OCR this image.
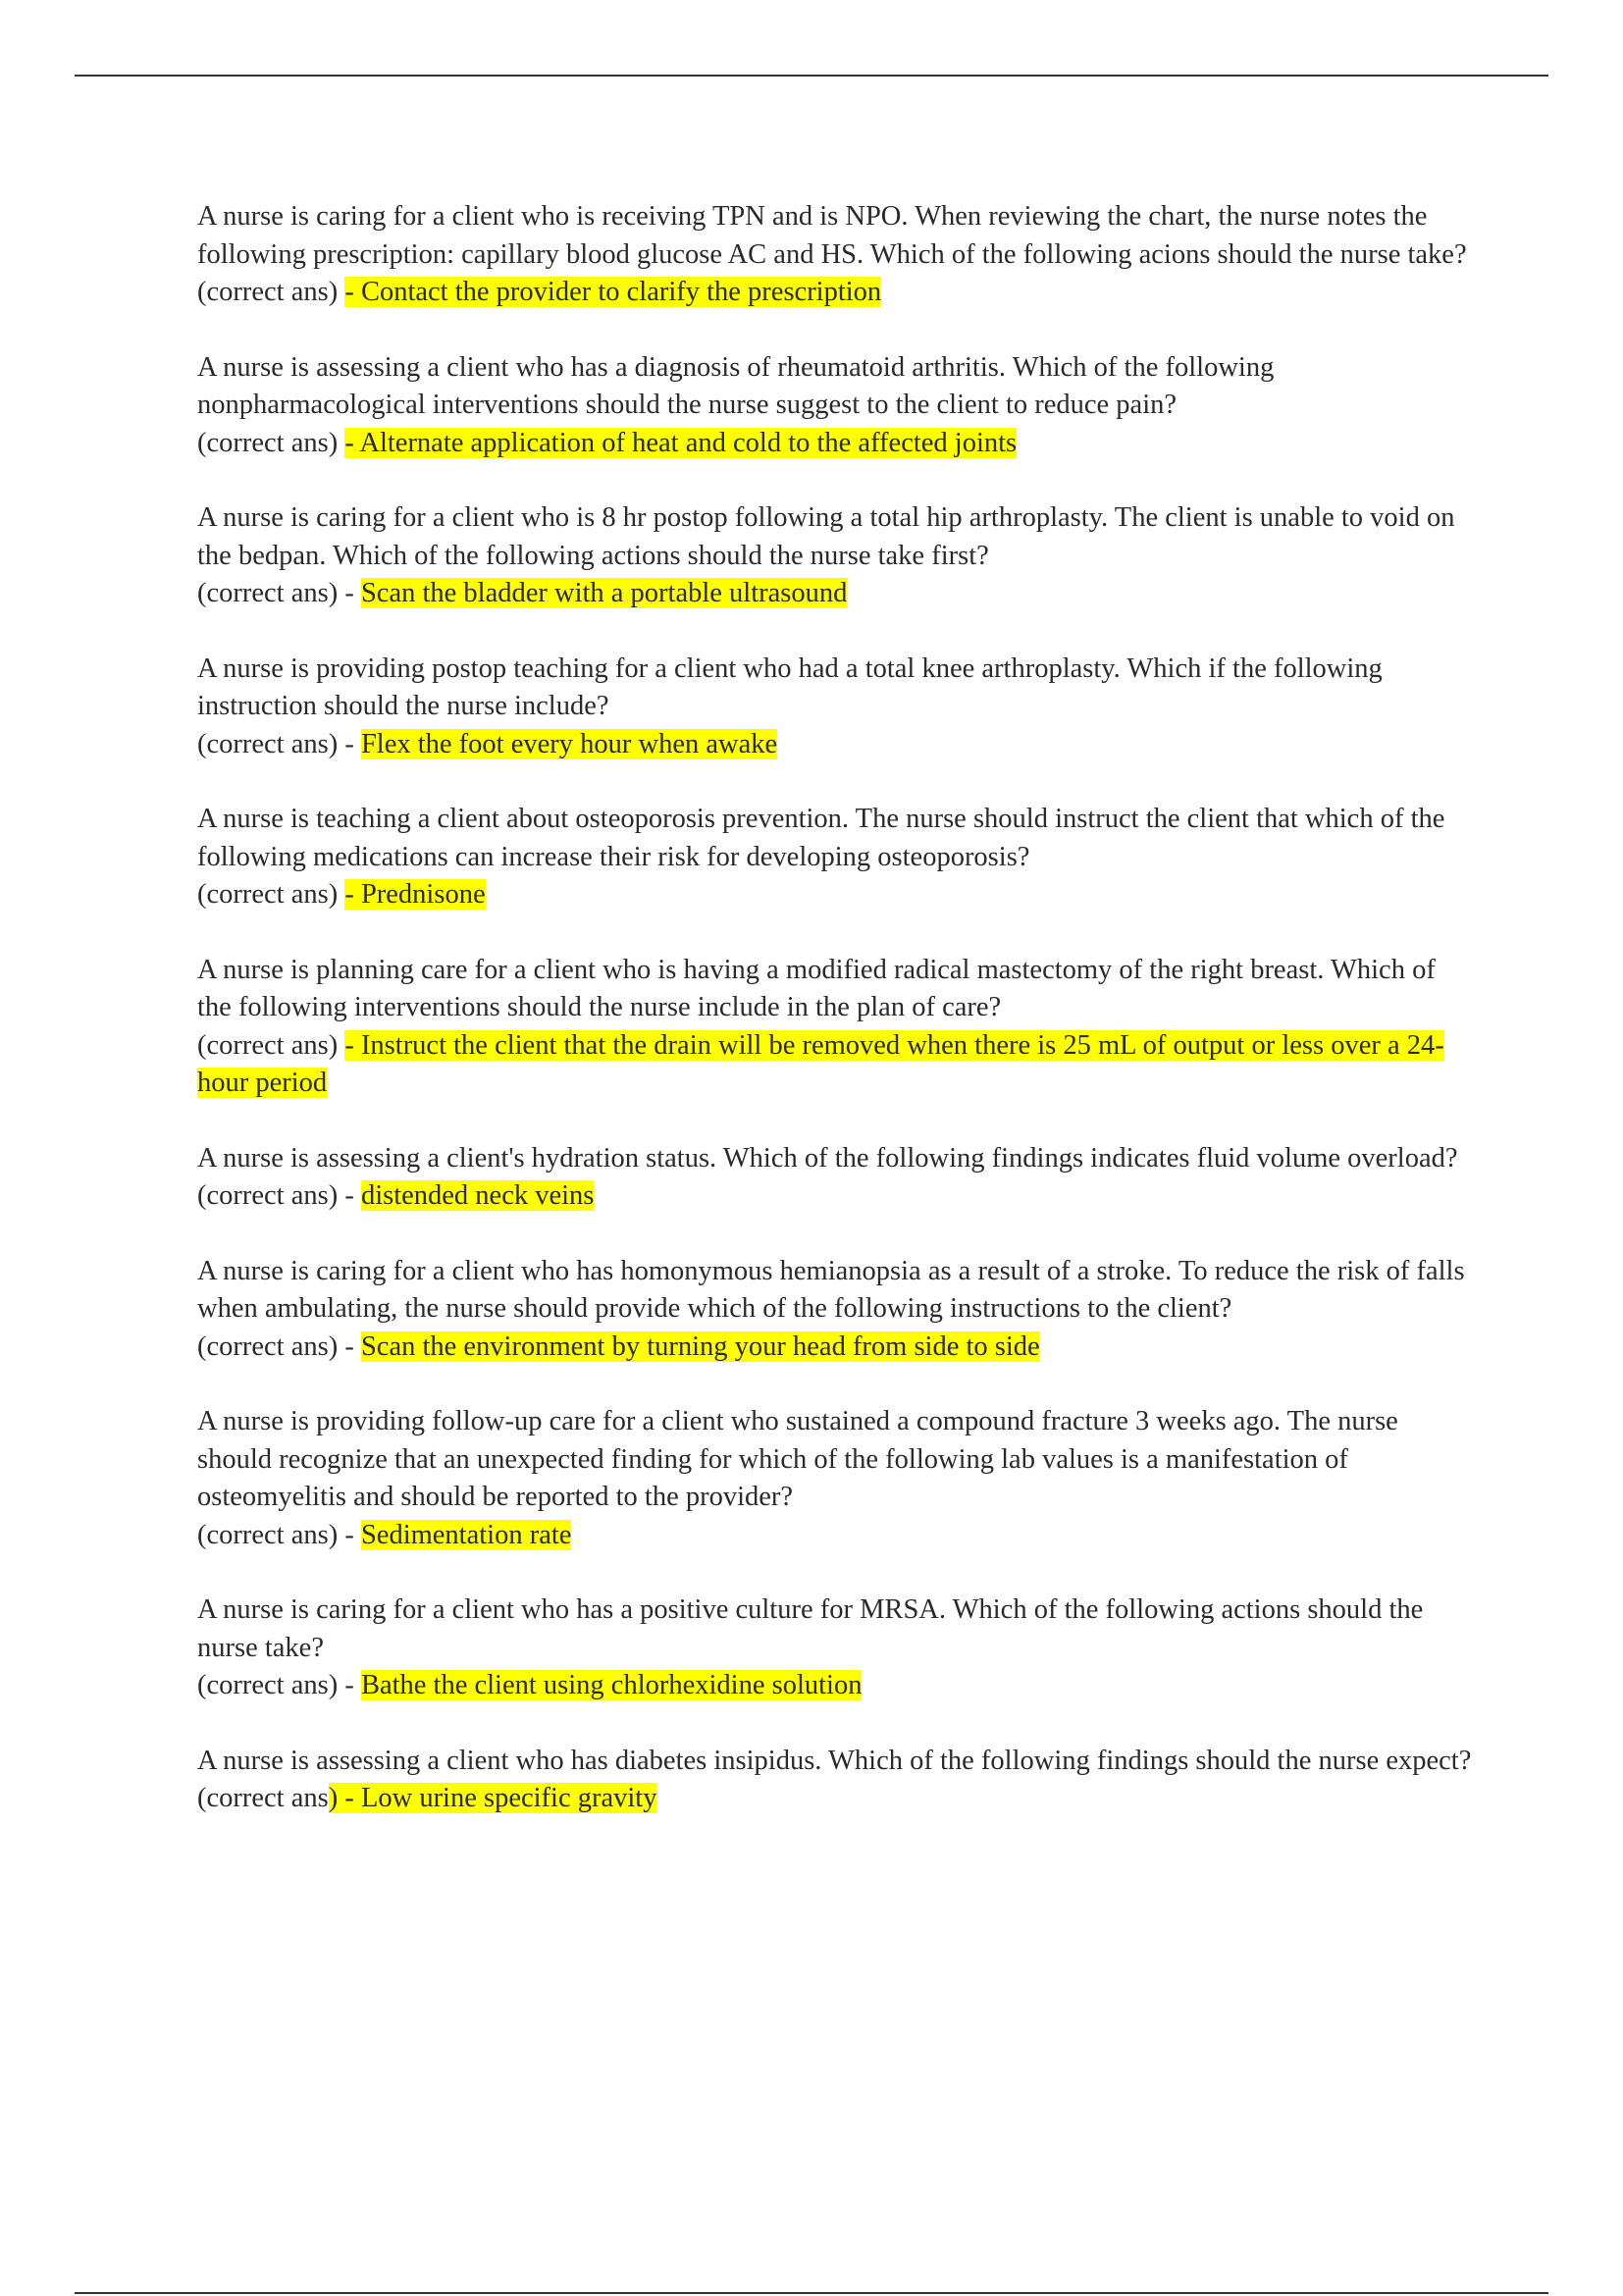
A nurse is caring for a client who is receiving TPN and is NPO. When reviewing the chart, the nurse notes the following prescription: capillary blood glucose AC and HS. Which of the following acions should the nurse take?
(correct ans) - Contact the provider to clarify the prescription
A nurse is assessing a client who has a diagnosis of rheumatoid arthritis. Which of the following nonpharmacological interventions should the nurse suggest to the client to reduce pain?
(correct ans) - Alternate application of heat and cold to the affected joints
A nurse is caring for a client who is 8 hr postop following a total hip arthroplasty. The client is unable to void on the bedpan. Which of the following actions should the nurse take first?
(correct ans) - Scan the bladder with a portable ultrasound
A nurse is providing postop teaching for a client who had a total knee arthroplasty. Which if the following instruction should the nurse include?
(correct ans) - Flex the foot every hour when awake
A nurse is teaching a client about osteoporosis prevention. The nurse should instruct the client that which of the following medications can increase their risk for developing osteoporosis?
(correct ans) - Prednisone
A nurse is planning care for a client who is having a modified radical mastectomy of the right breast. Which of the following interventions should the nurse include in the plan of care?
(correct ans) - Instruct the client that the drain will be removed when there is 25 mL of output or less over a 24-hour period
A nurse is assessing a client's hydration status. Which of the following findings indicates fluid volume overload?
(correct ans) - distended neck veins
A nurse is caring for a client who has homonymous hemianopsia as a result of a stroke. To reduce the risk of falls when ambulating, the nurse should provide which of the following instructions to the client?
(correct ans) - Scan the environment by turning your head from side to side
A nurse is providing follow-up care for a client who sustained a compound fracture 3 weeks ago. The nurse should recognize that an unexpected finding for which of the following lab values is a manifestation of osteomyelitis and should be reported to the provider?
(correct ans) - Sedimentation rate
A nurse is caring for a client who has a positive culture for MRSA. Which of the following actions should the nurse take?
(correct ans) - Bathe the client using chlorhexidine solution
A nurse is assessing a client who has diabetes insipidus. Which of the following findings should the nurse expect? (correct ans) - Low urine specific gravity
